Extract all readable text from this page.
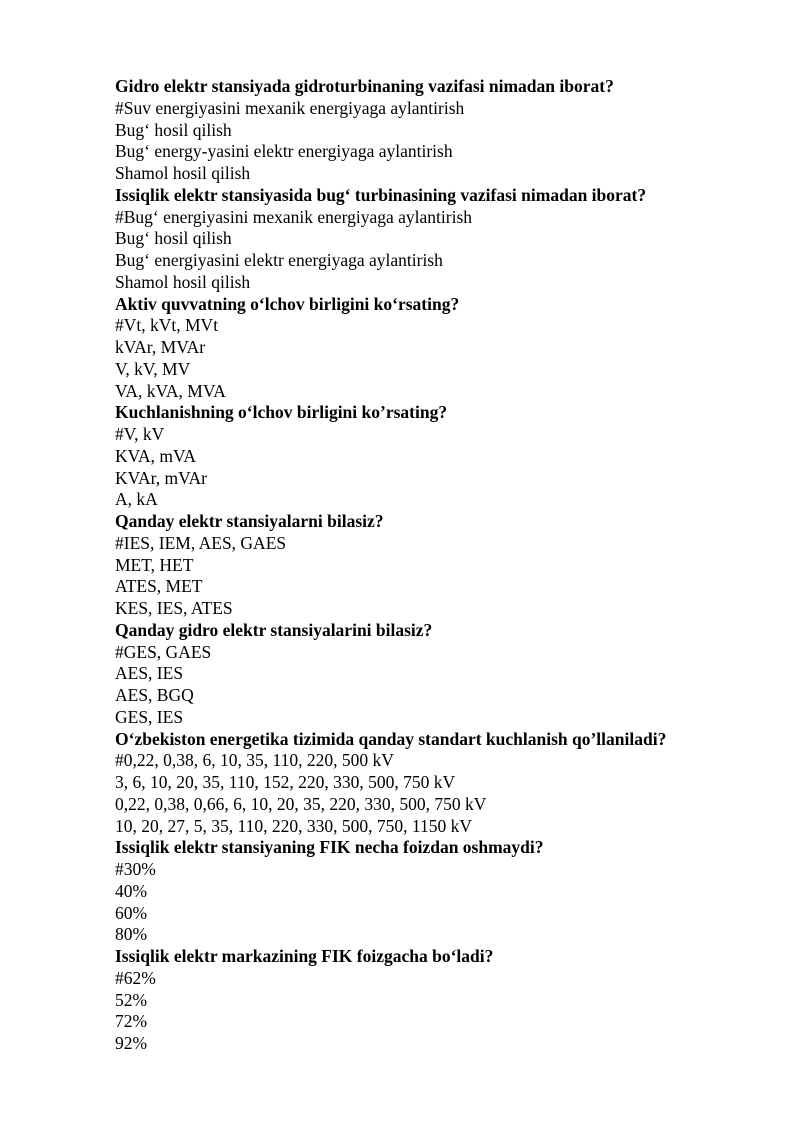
Gidro elektr stansiyada gidroturbinaning vazifasi nimadan iborat?
#Suv energiyasini mexanik energiyaga aylantirish
Bug‘ hosil qilish
Bug‘ energy-yasini elektr energiyaga aylantirish
Shamol hosil qilish
Issiqlik elektr stansiyasida bug‘ turbinasining vazifasi nimadan iborat?
#Bug‘ energiyasini mexanik energiyaga aylantirish
Bug‘ hosil qilish
Bug‘ energiyasini elektr energiyaga aylantirish
Shamol hosil qilish
Aktiv quvvatning o‘lchov birligini ko‘rsating?
#Vt, kVt, MVt
kVAr, MVAr
V, kV, MV
VA, kVA, MVA
Kuchlanishning o‘lchov birligini ko’rsating?
#V, kV
KVA, mVA
KVAr, mVAr
A, kA
Qanday elektr stansiyalarni bilasiz?
#IES, IEM, AES, GAES
MET, HET
ATES, MET
KES, IES, ATES
Qanday gidro elektr stansiyalarini bilasiz?
#GES, GAES
AES, IES
AES, BGQ
GES, IES
O‘zbekiston energetika tizimida qanday standart kuchlanish qo’llaniladi?
#0,22, 0,38, 6, 10, 35, 110, 220, 500 kV
3, 6, 10, 20, 35, 110, 152, 220, 330, 500, 750 kV
0,22, 0,38, 0,66, 6, 10, 20, 35, 220, 330, 500, 750 kV
10, 20, 27, 5, 35, 110, 220, 330, 500, 750, 1150 kV
Issiqlik elektr stansiyaning FIK necha foizdan oshmaydi?
#30%
40%
60%
80%
Issiqlik elektr markazining FIK foizgacha bo‘ladi?
#62%
52%
72%
92%
